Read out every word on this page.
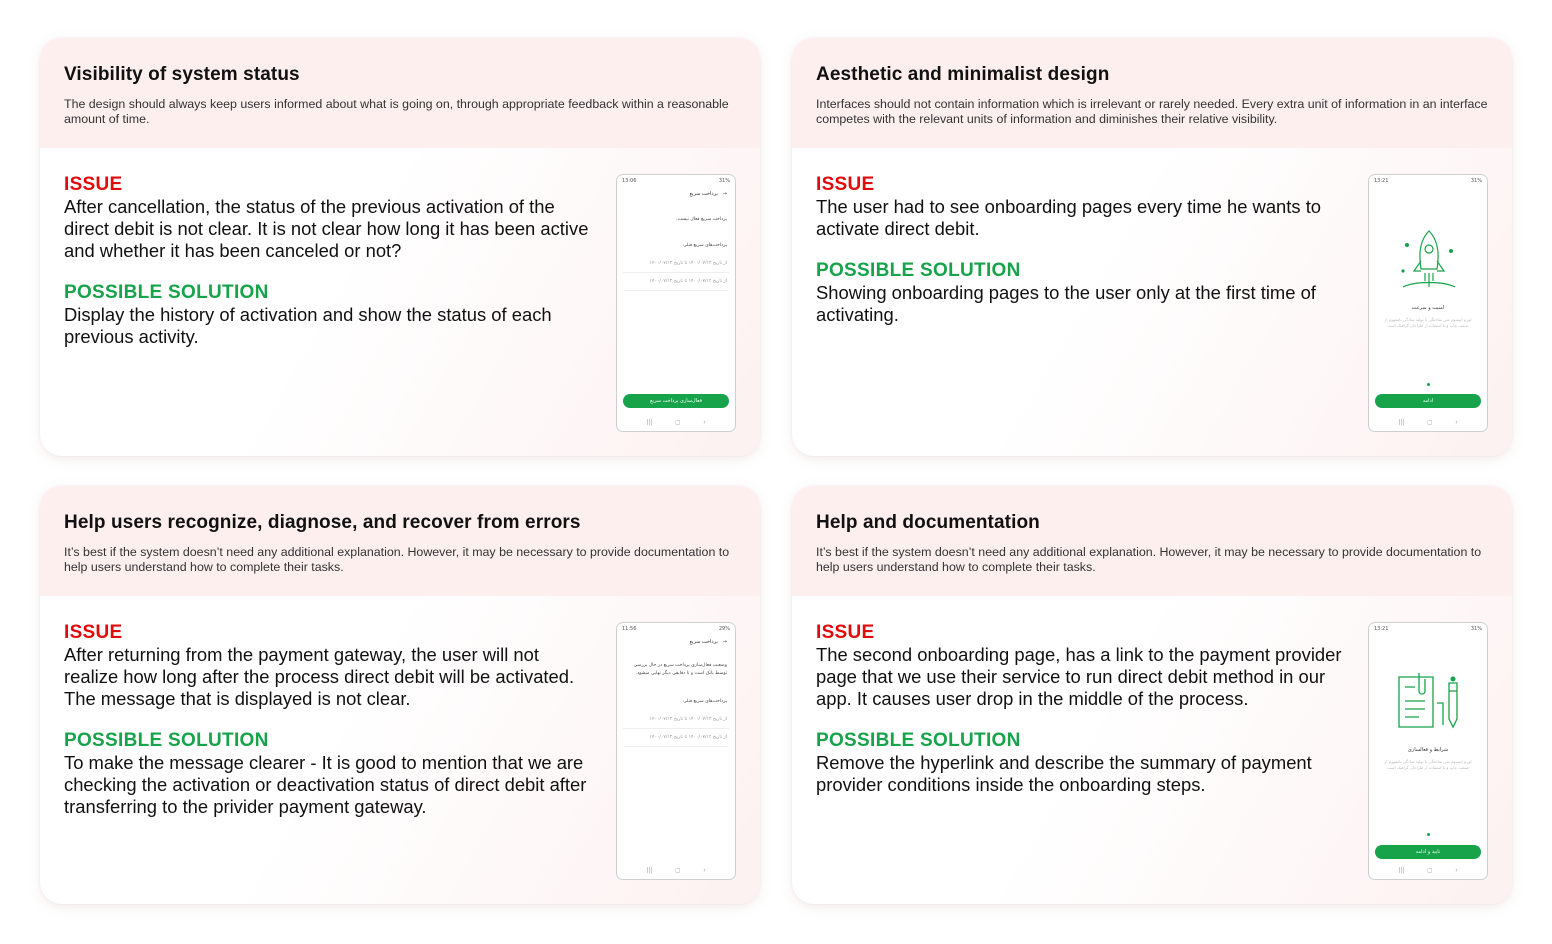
Visibility of system status
The design should always keep users informed about what is going on, through appropriate feedback within a reasonable amount of time.
ISSUE
After cancellation, the status of the previous activation of the direct debit is not clear. It is not clear how long it has been active and whether it has been canceled or not?
POSSIBLE SOLUTION
Display the history of activation and show the status of each previous activity.
13:06	31%
پرداخت سریع →
پرداخت سریع فعال نیست.
پرداخت‌های سریع قبلی
از تاریخ ۱۴۰۰/۰۷/۱۲ تا تاریخ ۱۴۰۰/۰۷/۱۲
از تاریخ ۱۴۰۰/۰۷/۱۲ تا تاریخ ۱۴۰۰/۰۷/۱۲
فعال‌سازی پرداخت سریع
|||	▢	‹
Aesthetic and minimalist design
Interfaces should not contain information which is irrelevant or rarely needed. Every extra unit of information in an interface competes with the relevant units of information and diminishes their relative visibility.
ISSUE
The user had to see onboarding pages every time he wants to activate direct debit.
POSSIBLE SOLUTION
Showing onboarding pages to the user only at the first time of activating.
13:21	31%
امنیت و سرعت
لورم ایپسوم متن ساختگی با تولید سادگی نامفهوم از صنعت چاپ و با استفاده از طراحان گرافیک است
ادامه
|||	▢	‹
Help users recognize, diagnose, and recover from errors
It’s best if the system doesn’t need any additional explanation. However, it may be necessary to provide documentation to help users understand how to complete their tasks.
ISSUE
After returning from the payment gateway, the user will not realize how long after the process direct debit will be activated. The message that is displayed is not clear.
POSSIBLE SOLUTION
To make the message clearer - It is good to mention that we are checking the activation or deactivation status of direct debit after transferring to the privider payment gateway.
11:56	29%
پرداخت سریع →
وضعیت فعال‌سازی پرداخت سریع در حال بررسی
توسط بانک است و تا دقایقی دیگر نهایی میشود.
پرداخت‌های سریع قبلی
از تاریخ ۱۴۰۰/۰۷/۱۲ تا تاریخ ۱۴۰۰/۰۷/۱۲
از تاریخ ۱۴۰۰/۰۷/۱۲ تا تاریخ ۱۴۰۰/۰۷/۱۲
|||	▢	‹
Help and documentation
It’s best if the system doesn’t need any additional explanation. However, it may be necessary to provide documentation to help users understand how to complete their tasks.
ISSUE
The second onboarding page, has a link to the payment provider page that we use their service to run direct debit method in our app. It causes user drop in the middle of the process.
POSSIBLE SOLUTION
Remove the hyperlink and describe the summary of payment provider conditions inside the onboarding steps.
13:21	31%
شرایط و فعالسازی
لورم ایپسوم متن ساختگی با تولید سادگی نامفهوم از صنعت چاپ و با استفاده از طراحان گرافیک است
تایید و ادامه
|||	▢	‹
